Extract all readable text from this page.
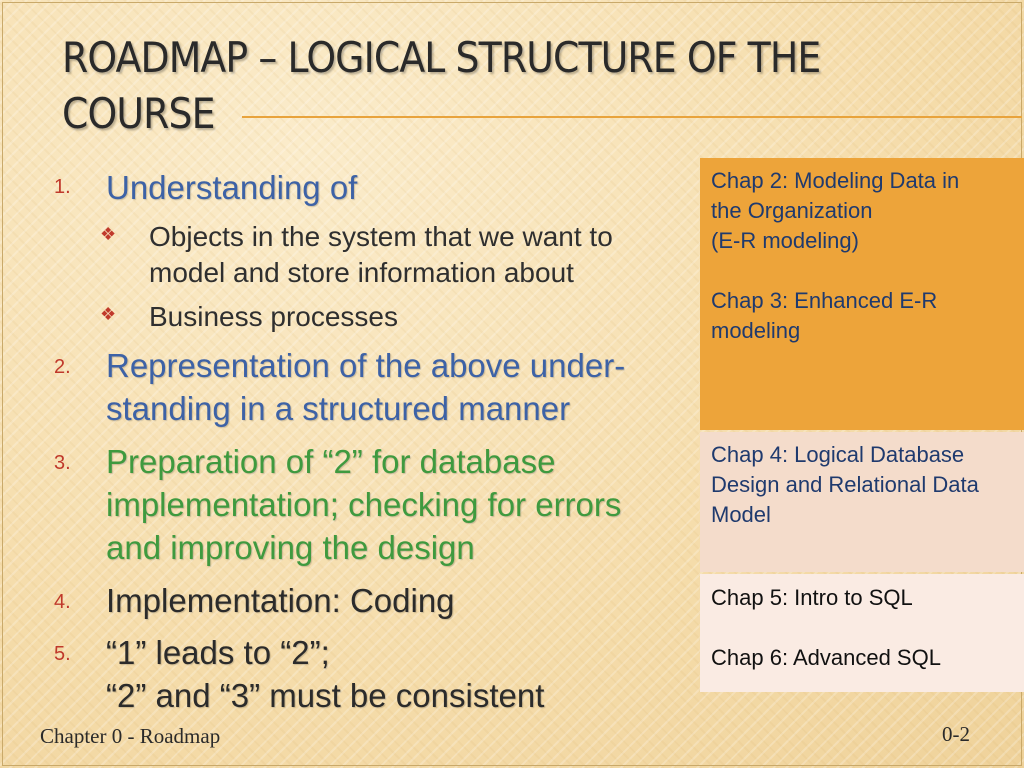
ROADMAP – LOGICAL STRUCTURE OF THE
COURSE
1. Understanding of
❖ Objects in the system that we want to
model and store information about
❖ Business processes
2. Representation of the above under-
standing in a structured manner
3. Preparation of “2” for database
implementation; checking for errors
and improving the design
4. Implementation: Coding
5. “1” leads to “2”;
“2” and “3” must be consistent
Chap 2: Modeling Data in
the Organization
(E-R modeling)

Chap 3: Enhanced E-R
modeling
Chap 4: Logical Database
Design and Relational Data
Model
Chap 5: Intro to SQL

Chap 6: Advanced SQL
Chapter 0 - Roadmap	0-2
